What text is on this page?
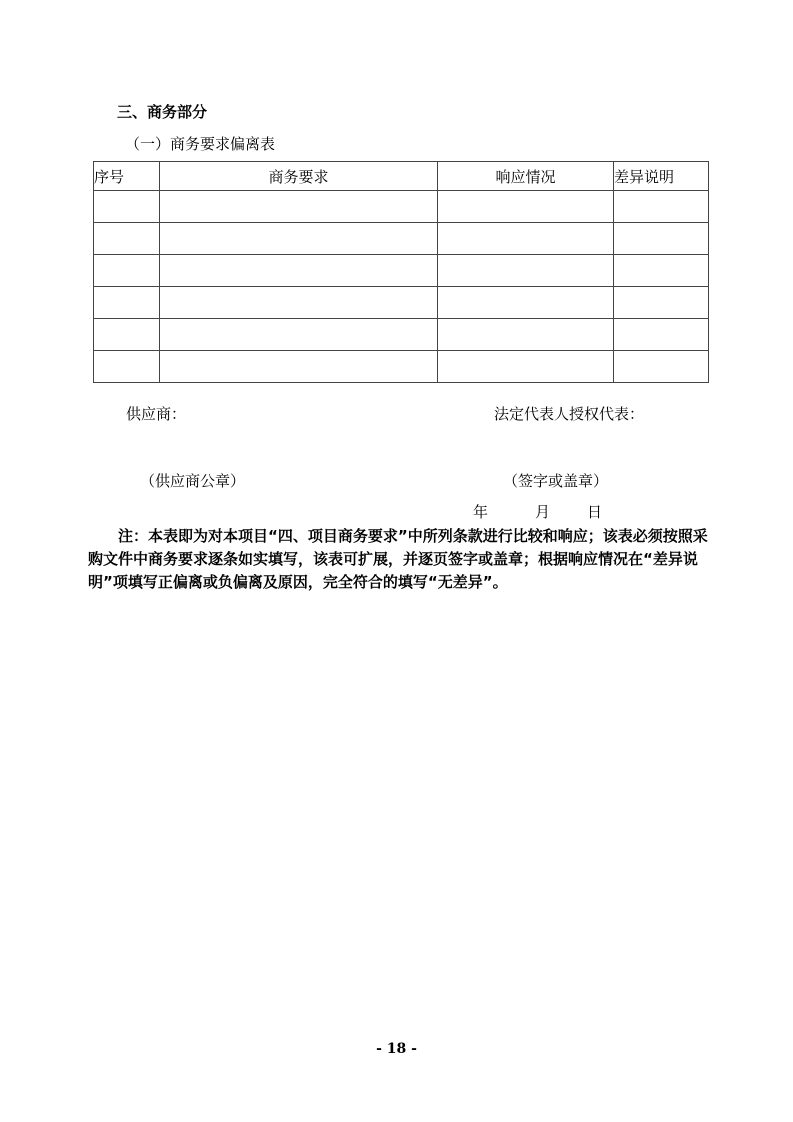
三、商务部分
（一）商务要求偏离表
序号	商务要求	响应情况	差异说明

供应商：	法定代表人授权代表：
（供应商公章）	（签字或盖章）
年	月 日
注：本表即为对本项目“四、项目商务要求”中所列条款进行比较和响应；该表必须按照采购文件中商务要求逐条如实填写，该表可扩展，并逐页签字或盖章；根据响应情况在“差异说明”项填写正偏离或负偏离及原因，完全符合的填写“无差异”。
- 18 -
